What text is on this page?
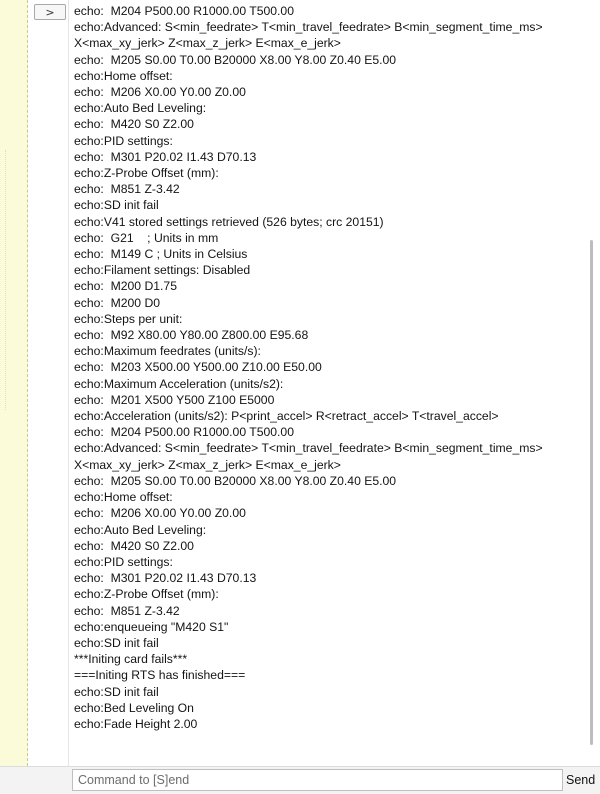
>	echo:  M204 P500.00 R1000.00 T500.00
echo:Advanced: S<min_feedrate> T<min_travel_feedrate> B<min_segment_time_ms>
X<max_xy_jerk> Z<max_z_jerk> E<max_e_jerk>
echo:  M205 S0.00 T0.00 B20000 X8.00 Y8.00 Z0.40 E5.00
echo:Home offset:
echo:  M206 X0.00 Y0.00 Z0.00
echo:Auto Bed Leveling:
echo:  M420 S0 Z2.00
echo:PID settings:
echo:  M301 P20.02 I1.43 D70.13
echo:Z-Probe Offset (mm):
echo:  M851 Z-3.42
echo:SD init fail
echo:V41 stored settings retrieved (526 bytes; crc 20151)
echo:  G21    ; Units in mm
echo:  M149 C ; Units in Celsius
echo:Filament settings: Disabled
echo:  M200 D1.75
echo:  M200 D0
echo:Steps per unit:
echo:  M92 X80.00 Y80.00 Z800.00 E95.68
echo:Maximum feedrates (units/s):
echo:  M203 X500.00 Y500.00 Z10.00 E50.00
echo:Maximum Acceleration (units/s2):
echo:  M201 X500 Y500 Z100 E5000
echo:Acceleration (units/s2): P<print_accel> R<retract_accel> T<travel_accel>
echo:  M204 P500.00 R1000.00 T500.00
echo:Advanced: S<min_feedrate> T<min_travel_feedrate> B<min_segment_time_ms>
X<max_xy_jerk> Z<max_z_jerk> E<max_e_jerk>
echo:  M205 S0.00 T0.00 B20000 X8.00 Y8.00 Z0.40 E5.00
echo:Home offset:
echo:  M206 X0.00 Y0.00 Z0.00
echo:Auto Bed Leveling:
echo:  M420 S0 Z2.00
echo:PID settings:
echo:  M301 P20.02 I1.43 D70.13
echo:Z-Probe Offset (mm):
echo:  M851 Z-3.42
echo:enqueueing "M420 S1"
echo:SD init fail
***Initing card fails***
===Initing RTS has finished===
echo:SD init fail
echo:Bed Leveling On
echo:Fade Height 2.00
Command to [S]end
Send
